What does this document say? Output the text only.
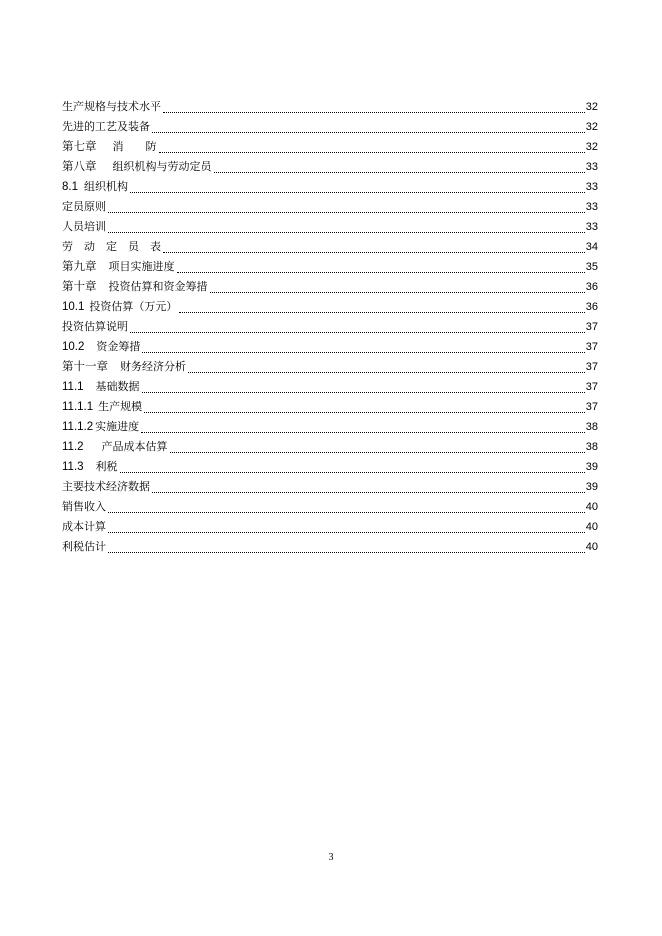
生产规格与技术水平	32
先进的工艺及装备	32
第七章 消　　防	32
第八章 组织机构与劳动定员	33
8.1 组织机构	33
定员原则	33
人员培训	33
劳　动　定　员　表	34
第九章 项目实施进度	35
第十章 投资估算和资金筹措	36
10.1 投资估算（万元）	36
投资估算说明	37
10.2 资金筹措	37
第十一章 财务经济分析	37
11.1 基础数据	37
11.1.1 生产规模	37
11.1.2 实施进度	38
11.2 产品成本估算	38
11.3 利税	39
主要技术经济数据	39
销售收入	40
成本计算	40
利税估计	40
3
